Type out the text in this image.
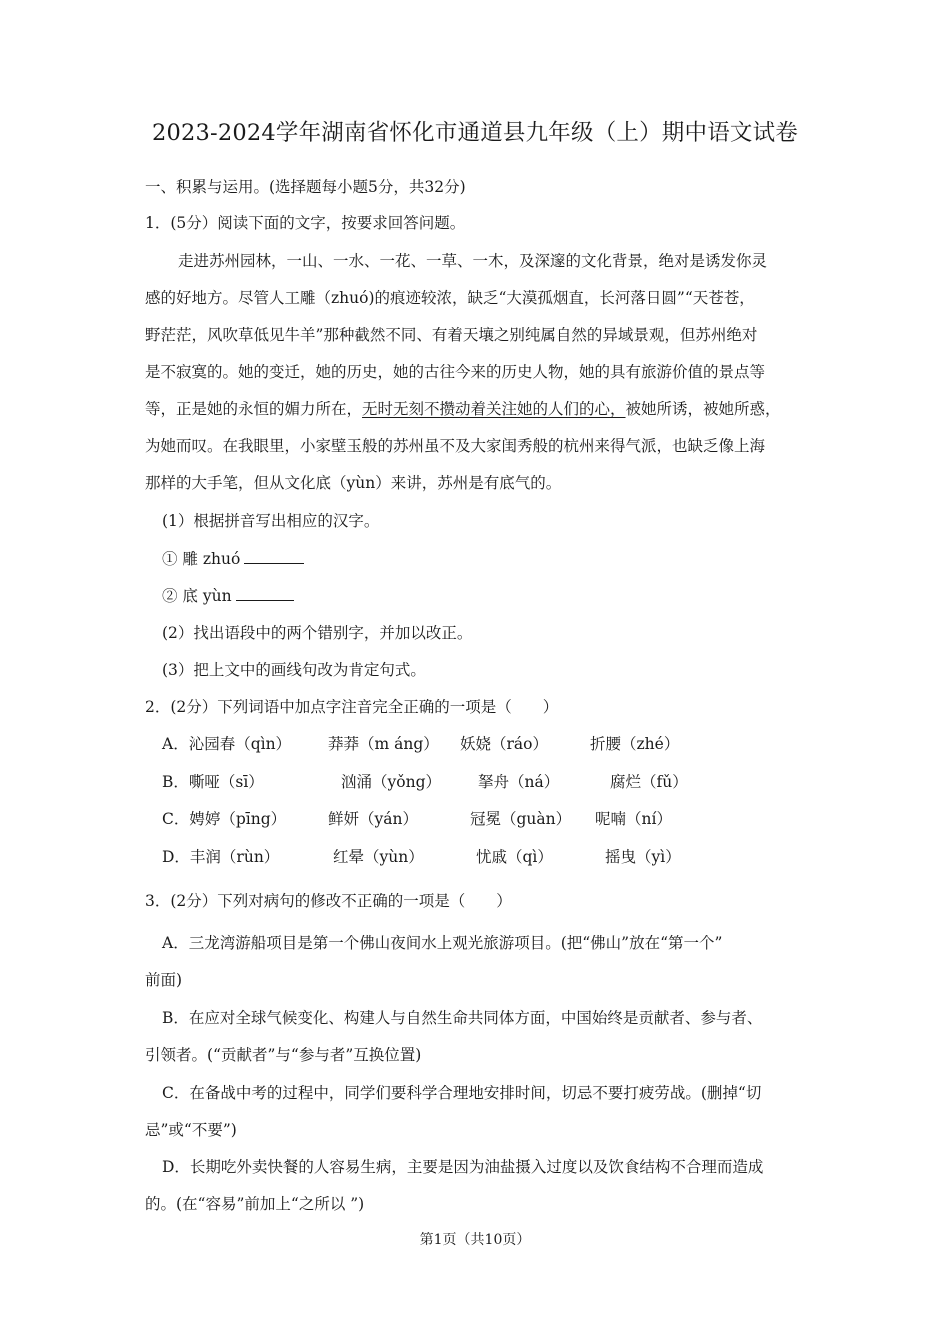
2023-2024学年湖南省怀化市通道县九年级（上）期中语文试卷
一、积累与运用。(选择题每小题5分，共32分)
1．(5分）阅读下面的文字，按要求回答问题。
走进苏州园林，一山、一水、一花、一草、一木，及深邃的文化背景，绝对是诱发你灵
感的好地方。尽管人工雕（zhuó)的痕迹较浓，缺乏“大漠孤烟直，长河落日圆”“天苍苍，
野茫茫，风吹草低见牛羊”那种截然不同、有着天壤之别纯属自然的异域景观，但苏州绝对
是不寂寞的。她的变迁，她的历史，她的古往今来的历史人物，她的具有旅游价值的景点等
等，正是她的永恒的媚力所在，无时无刻不攒动着关注她的人们的心，被她所诱，被她所惑，
为她而叹。在我眼里，小家壁玉般的苏州虽不及大家闺秀般的杭州来得气派，也缺乏像上海
那样的大手笔，但从文化底（yùn）来讲，苏州是有底气的。
(1）根据拼音写出相应的汉字。
① 雕 zhuó
② 底 yùn
(2）找出语段中的两个错别字，并加以改正。
(3）把上文中的画线句改为肯定句式。
2．(2分）下列词语中加点字注音完全正确的一项是（　　）
A．沁园春（qìn） 莽莽（m áng） 妖娆（ráo）	折腰（zhé）
B．嘶哑（sī）	汹涌（yǒng） 拏舟（ná）	腐烂（fǔ）
C．娉婷（pīng）	鲜妍（yán）	冠冕（guàn） 呢喃（ní）
D．丰润（rùn）	红晕（yùn）	忧戚（qì）	摇曳（yì）
3．(2分）下列对病句的修改不正确的一项是（　　）
A．三龙湾游船项目是第一个佛山夜间水上观光旅游项目。(把“佛山”放在“第一个”
前面)
B．在应对全球气候变化、构建人与自然生命共同体方面，中国始终是贡献者、参与者、
引领者。(“贡献者”与“参与者”互换位置)
C．在备战中考的过程中，同学们要科学合理地安排时间，切忌不要打疲劳战。(删掉“切
忌”或“不要”)
D．长期吃外卖快餐的人容易生病，主要是因为油盐摄入过度以及饮食结构不合理而造成
的。(在“容易”前加上“之所以 ”)
第1页（共10页）
